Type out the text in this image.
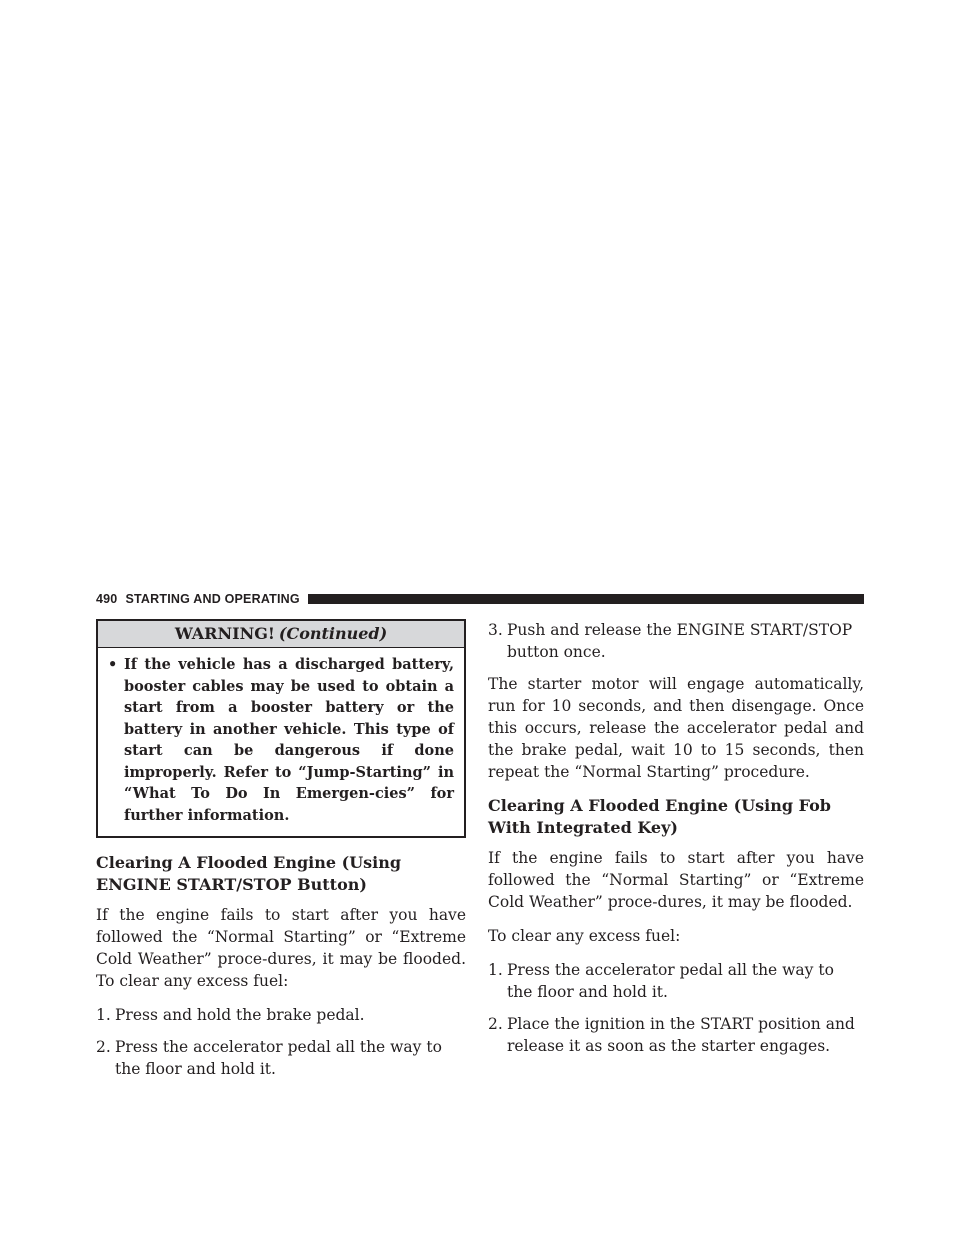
490 STARTING AND OPERATING
WARNING! (Continued)
• If the vehicle has a discharged battery, booster cables may be used to obtain a start from a booster battery or the battery in another vehicle. This type of start can be dangerous if done improperly. Refer to “Jump-Starting” in “What To Do In Emergen-cies” for further information.
Clearing A Flooded Engine (Using ENGINE START/STOP Button)

If the engine fails to start after you have followed the “Normal Starting” or “Extreme Cold Weather” proce-dures, it may be flooded. To clear any excess fuel:

1. Press and hold the brake pedal.
2. Press the accelerator pedal all the way to the floor and hold it.
3. Push and release the ENGINE START/STOP button once.

The starter motor will engage automatically, run for 10 seconds, and then disengage. Once this occurs, release the accelerator pedal and the brake pedal, wait 10 to 15 seconds, then repeat the “Normal Starting” procedure.

Clearing A Flooded Engine (Using Fob With Integrated Key)

If the engine fails to start after you have followed the “Normal Starting” or “Extreme Cold Weather” proce-dures, it may be flooded.

To clear any excess fuel:

1. Press the accelerator pedal all the way to the floor and hold it.
2. Place the ignition in the START position and release it as soon as the starter engages.
